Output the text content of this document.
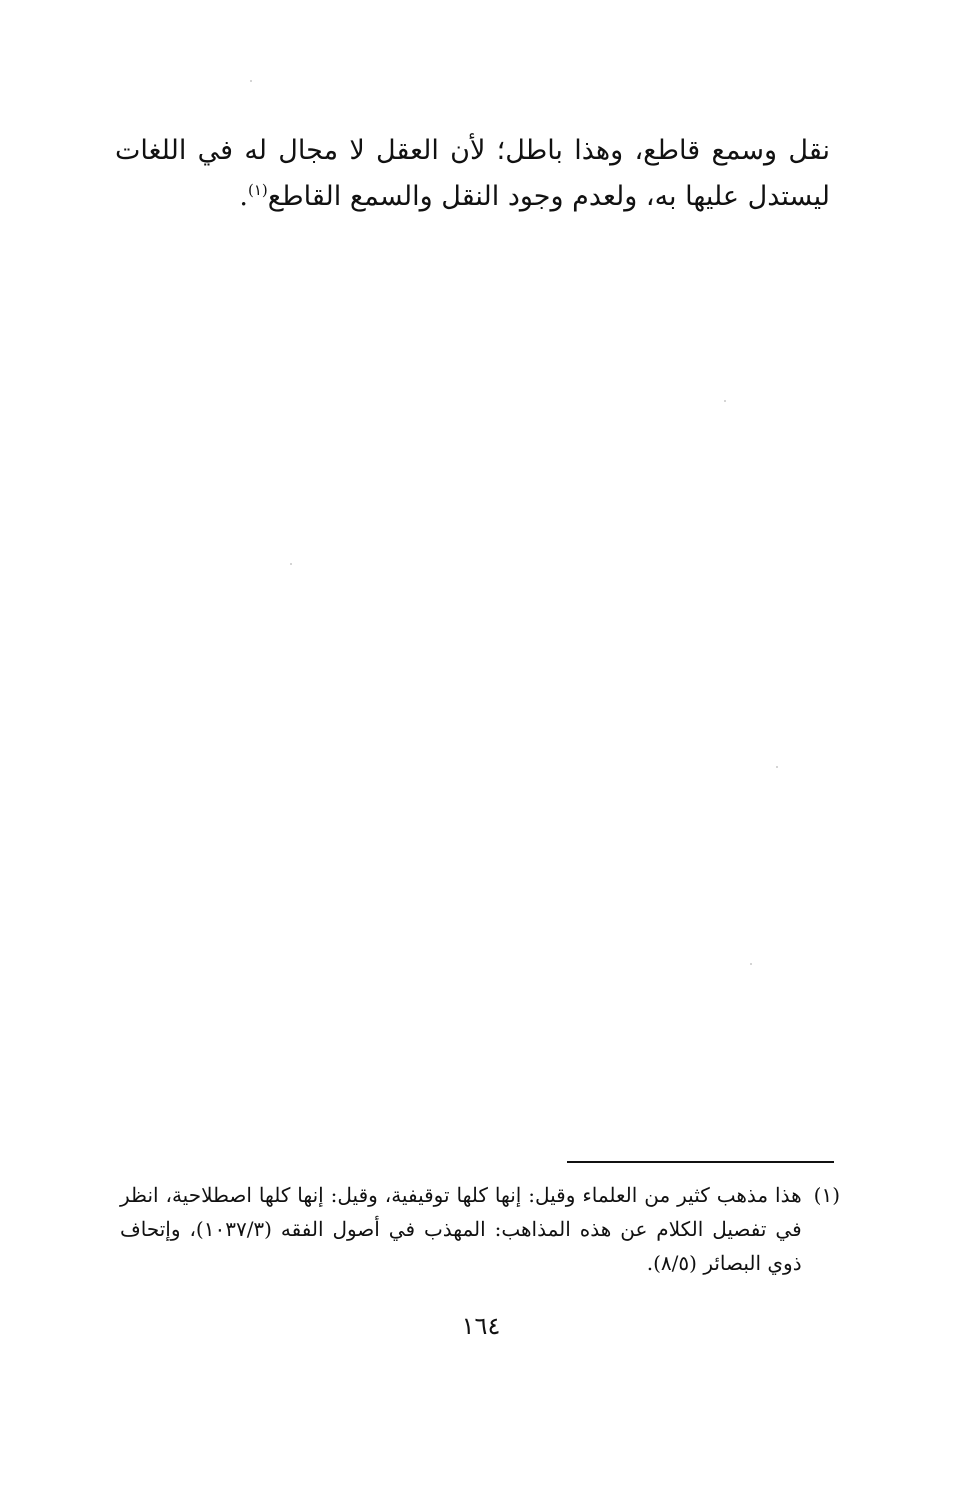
نقل وسمع قاطع، وهذا باطل؛ لأن العقل لا مجال له في اللغات ليستدل عليها به، ولعدم وجود النقل والسمع القاطع$^{(١)}$.

(١)
هذا مذهب كثير من العلماء وقيل: إنها كلها توقيفية، وقيل: إنها كلها اصطلاحية، انظر في تفصيل الكلام عن هذه المذاهب: المهذب في أصول الفقه (١٠٣٧/٣)، وإتحاف ذوي البصائر (٨/٥).
١٦٤
